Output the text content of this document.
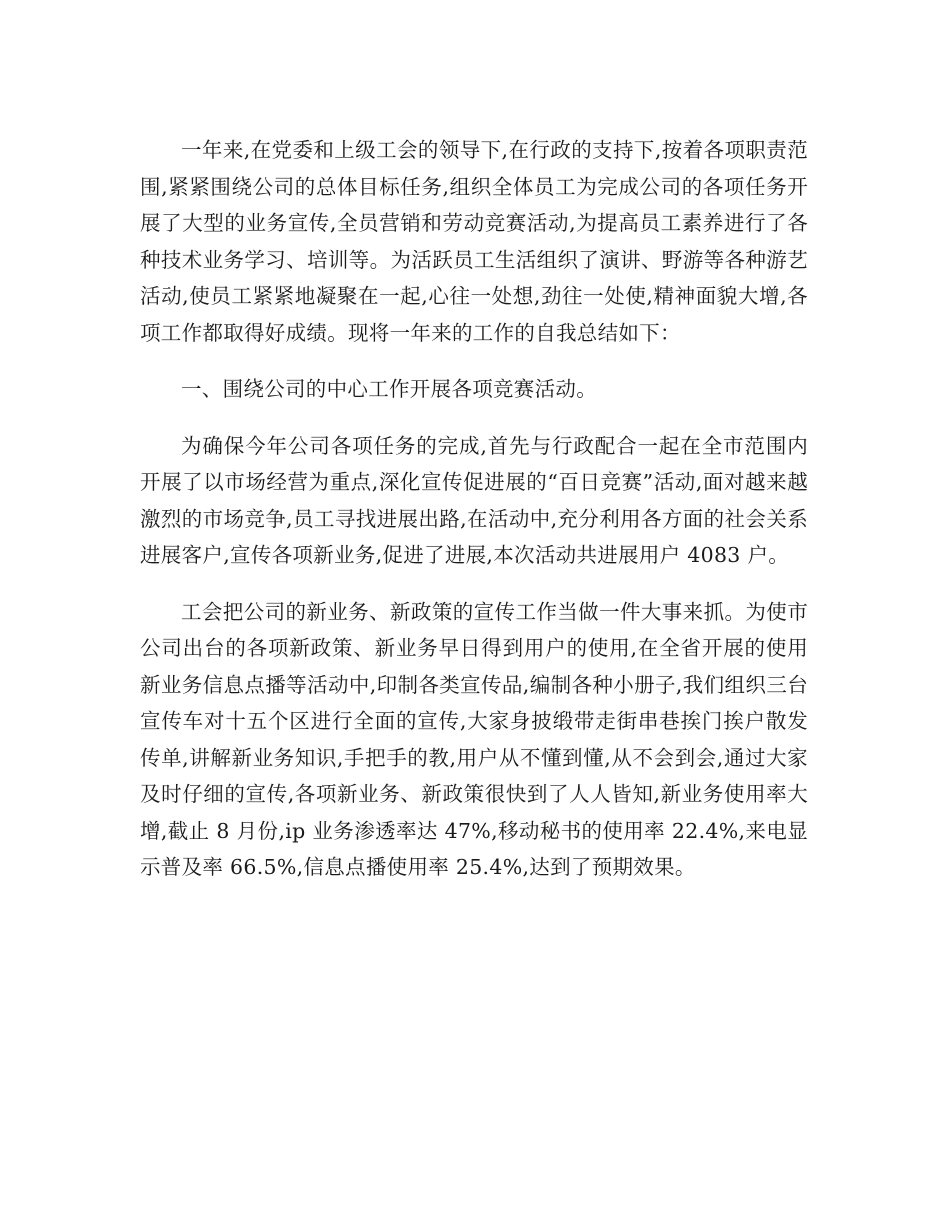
一年来,在党委和上级工会的领导下,在行政的支持下,按着各项职责范围,紧紧围绕公司的总体目标任务,组织全体员工为完成公司的各项任务开展了大型的业务宣传,全员营销和劳动竞赛活动,为提高员工素养进行了各种技术业务学习、培训等。为活跃员工生活组织了演讲、野游等各种游艺活动,使员工紧紧地凝聚在一起,心往一处想,劲往一处使,精神面貌大增,各项工作都取得好成绩。现将一年来的工作的自我总结如下：

一、围绕公司的中心工作开展各项竞赛活动。

为确保今年公司各项任务的完成,首先与行政配合一起在全市范围内开展了以市场经营为重点,深化宣传促进展的“百日竞赛”活动,面对越来越激烈的市场竞争,员工寻找进展出路,在活动中,充分利用各方面的社会关系进展客户,宣传各项新业务,促进了进展,本次活动共进展用户 4083 户。

工会把公司的新业务、新政策的宣传工作当做一件大事来抓。为使市公司出台的各项新政策、新业务早日得到用户的使用,在全省开展的使用新业务信息点播等活动中,印制各类宣传品,编制各种小册子,我们组织三台宣传车对十五个区进行全面的宣传,大家身披缎带走街串巷挨门挨户散发传单,讲解新业务知识,手把手的教,用户从不懂到懂,从不会到会,通过大家及时仔细的宣传,各项新业务、新政策很快到了人人皆知,新业务使用率大增,截止 8 月份,ip 业务渗透率达 47%,移动秘书的使用率 22.4%,来电显示普及率 66.5%,信息点播使用率 25.4%,达到了预期效果。
